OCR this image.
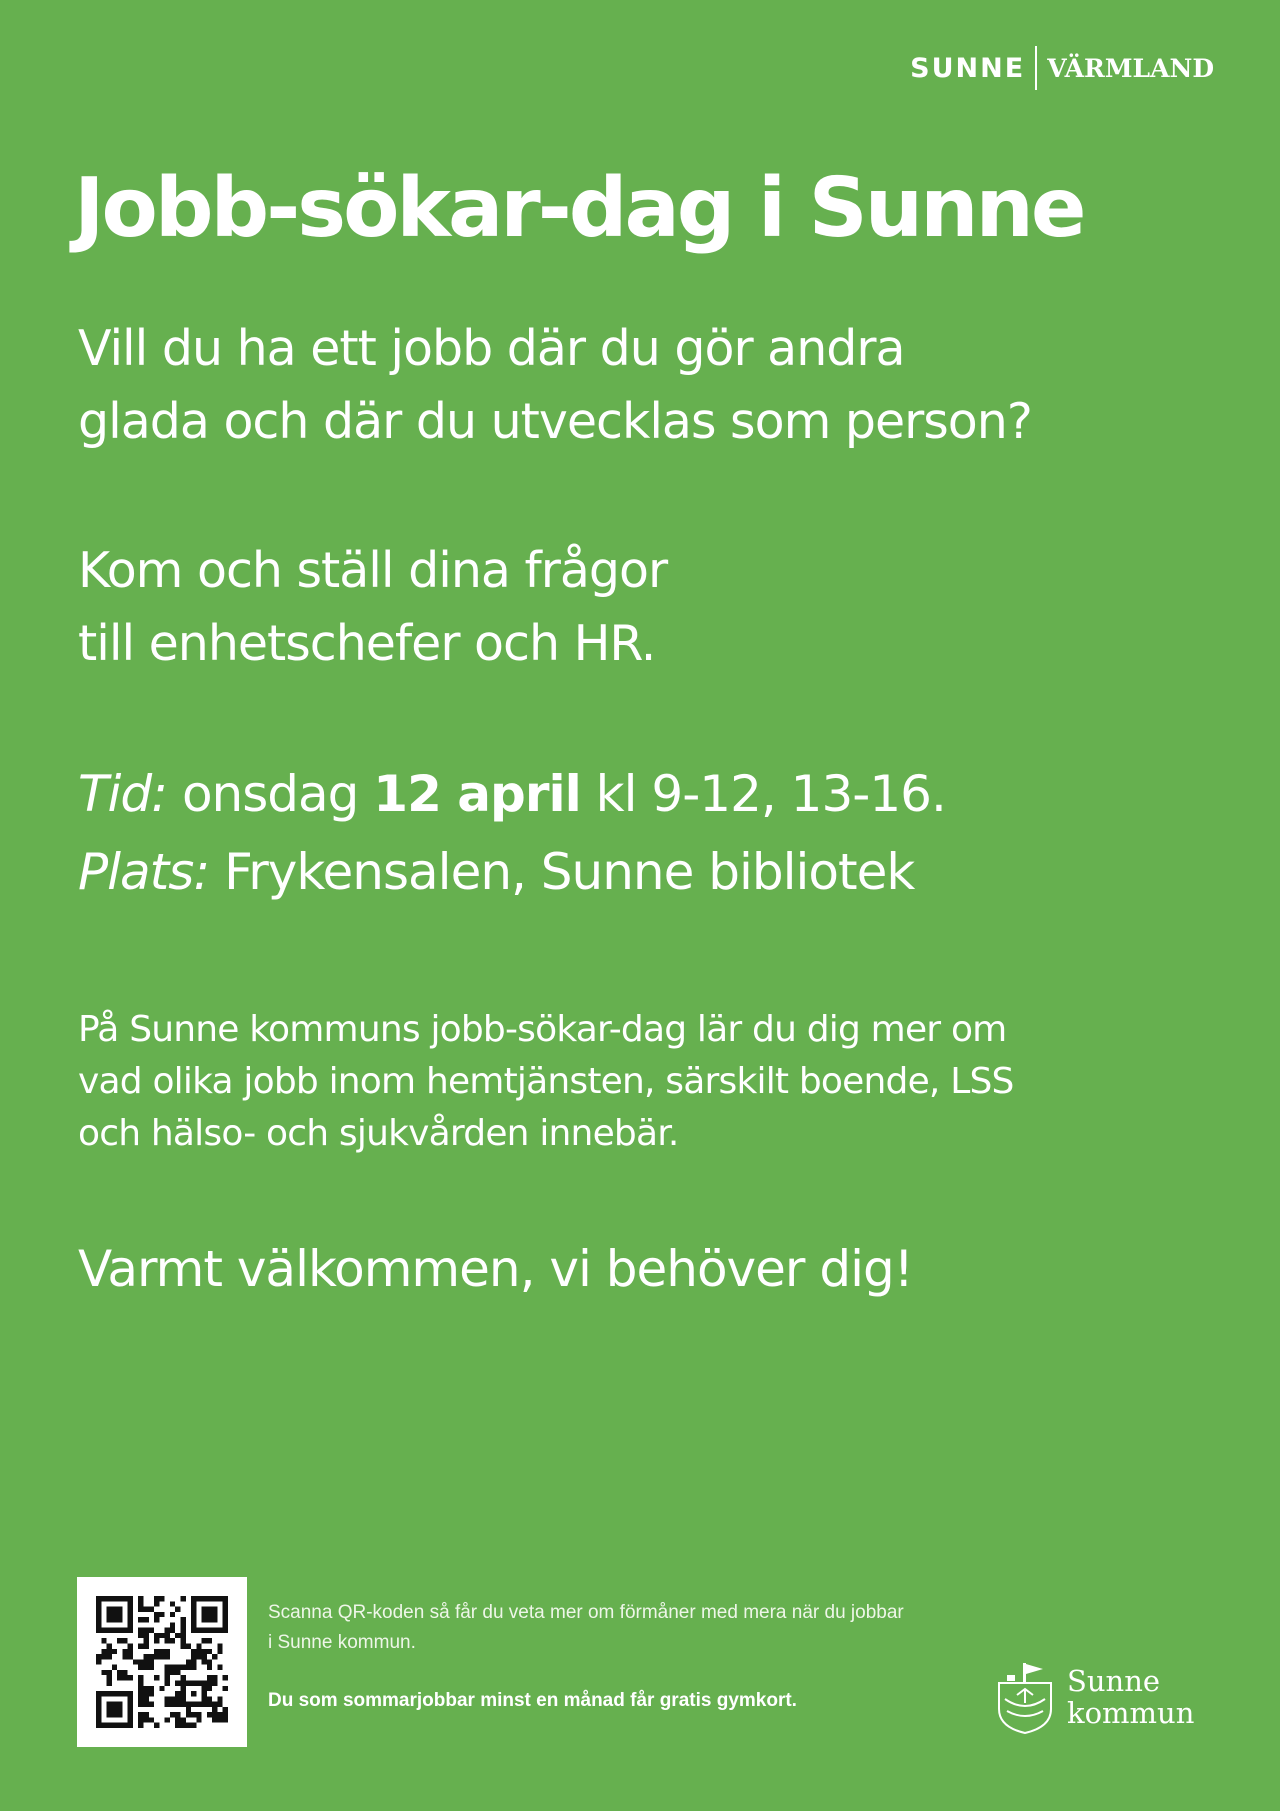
SUNNE VÄRMLAND
Jobb-sökar-dag i Sunne

Vill du ha ett jobb där du gör andra
glada och där du utvecklas som person?

Kom och ställ dina frågor
till enhetschefer och HR.

Tid: onsdag 12 april kl 9-12, 13-16.
Plats: Frykensalen, Sunne bibliotek

På Sunne kommuns jobb-sökar-dag lär du dig mer om
vad olika jobb inom hemtjänsten, särskilt boende, LSS
och hälso- och sjukvården innebär.

Varmt välkommen, vi behöver dig!

Scanna QR-koden så får du veta mer om förmåner med mera när du jobbar i Sunne kommun.
Du som sommarjobbar minst en månad får gratis gymkort.
Sunne
kommun
